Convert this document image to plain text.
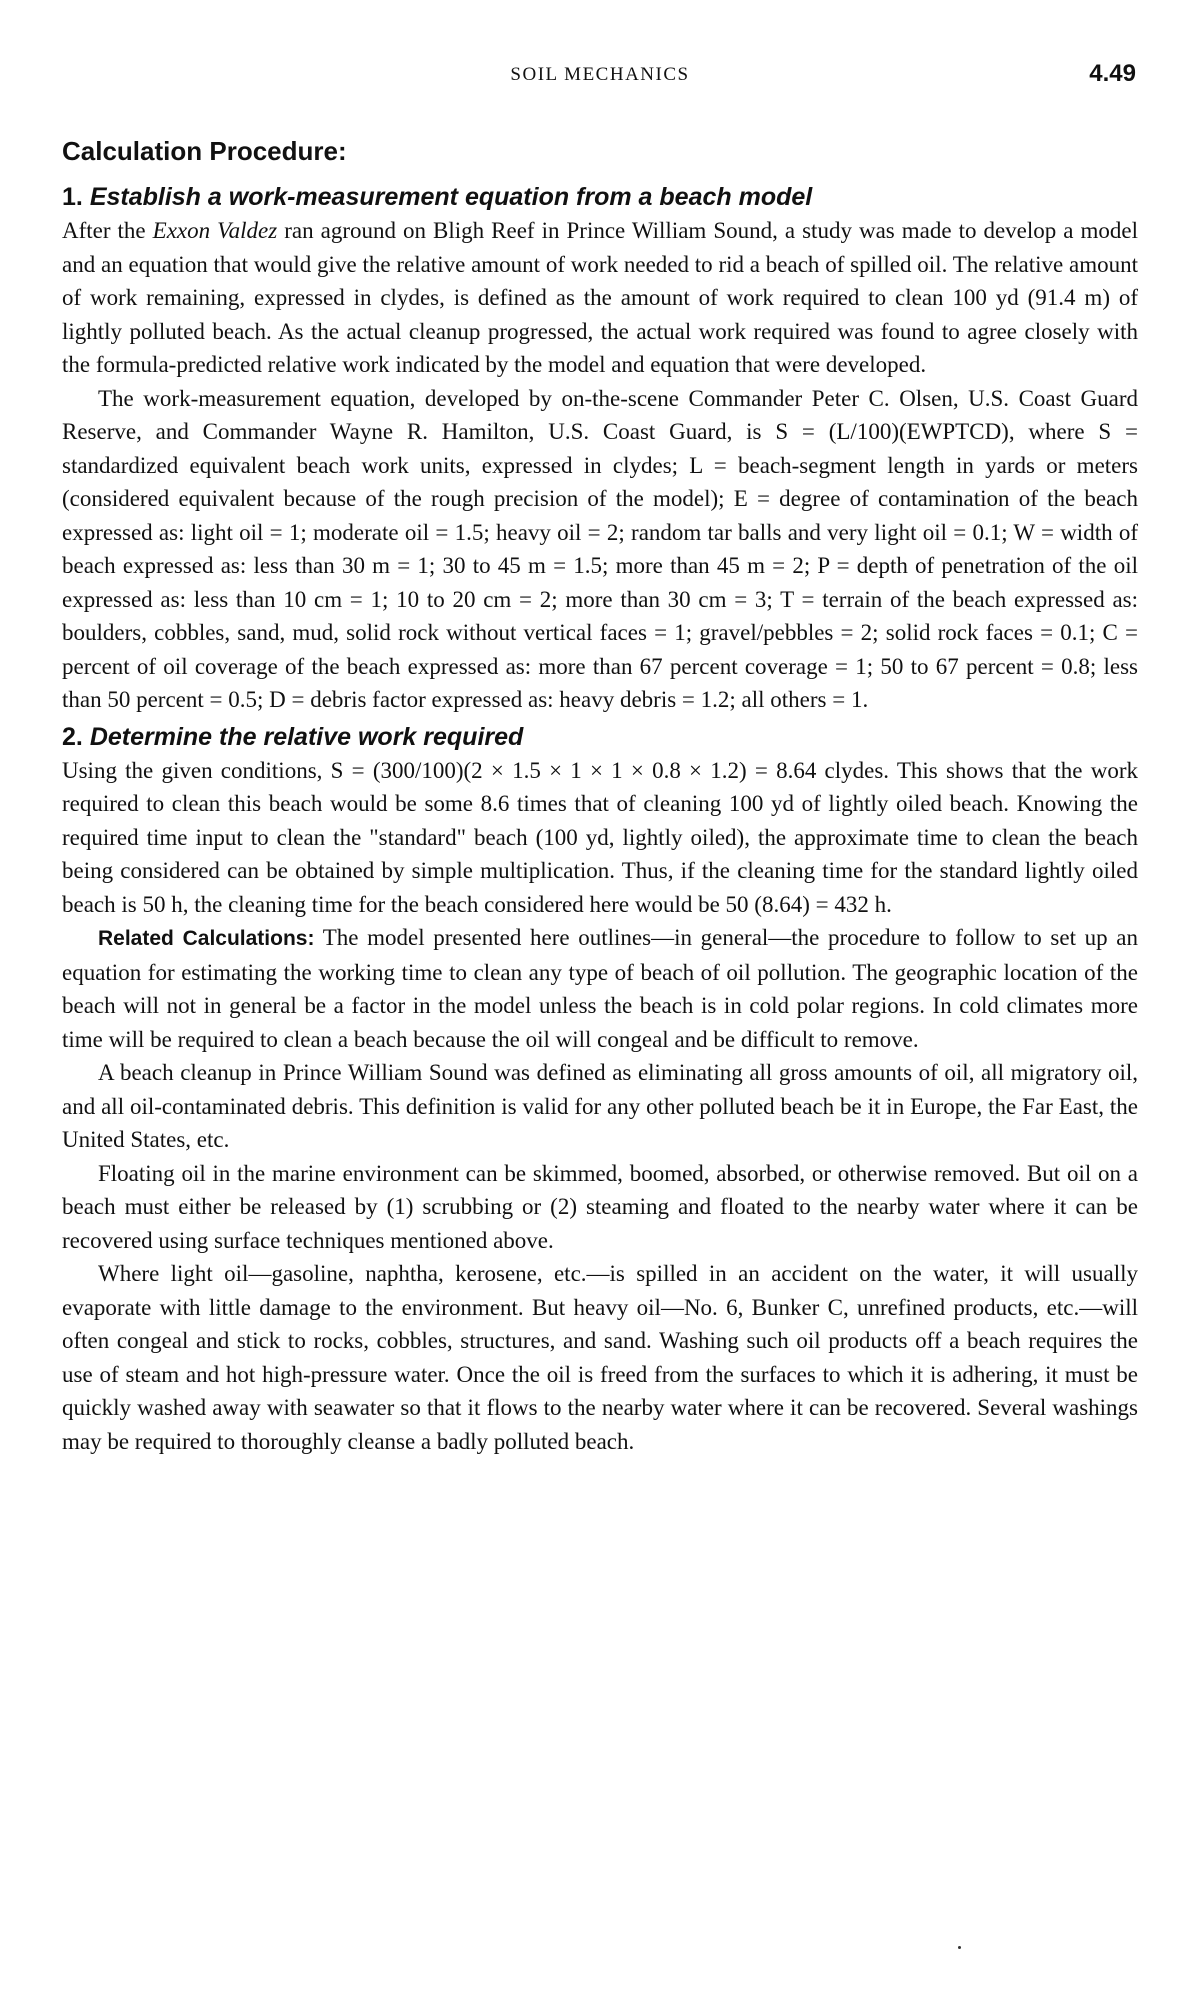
SOIL MECHANICS	4.49
Calculation Procedure:
1. Establish a work-measurement equation from a beach model

After the Exxon Valdez ran aground on Bligh Reef in Prince William Sound, a study was made to develop a model and an equation that would give the relative amount of work needed to rid a beach of spilled oil. The relative amount of work remaining, expressed in clydes, is defined as the amount of work required to clean 100 yd (91.4 m) of lightly polluted beach. As the actual cleanup progressed, the actual work required was found to agree closely with the formula-predicted relative work indicated by the model and equation that were developed.

The work-measurement equation, developed by on-the-scene Commander Peter C. Olsen, U.S. Coast Guard Reserve, and Commander Wayne R. Hamilton, U.S. Coast Guard, is S = (L/100)(EWPTCD), where S = standardized equivalent beach work units, expressed in clydes; L = beach-segment length in yards or meters (considered equivalent because of the rough precision of the model); E = degree of contamination of the beach expressed as: light oil = 1; moderate oil = 1.5; heavy oil = 2; random tar balls and very light oil = 0.1; W = width of beach expressed as: less than 30 m = 1; 30 to 45 m = 1.5; more than 45 m = 2; P = depth of penetration of the oil expressed as: less than 10 cm = 1; 10 to 20 cm = 2; more than 30 cm = 3; T = terrain of the beach expressed as: boulders, cobbles, sand, mud, solid rock without vertical faces = 1; gravel/pebbles = 2; solid rock faces = 0.1; C = percent of oil coverage of the beach expressed as: more than 67 percent coverage = 1; 50 to 67 percent = 0.8; less than 50 percent = 0.5; D = debris factor expressed as: heavy debris = 1.2; all others = 1.

2. Determine the relative work required

Using the given conditions, S = (300/100)(2 × 1.5 × 1 × 1 × 0.8 × 1.2) = 8.64 clydes. This shows that the work required to clean this beach would be some 8.6 times that of cleaning 100 yd of lightly oiled beach. Knowing the required time input to clean the "standard" beach (100 yd, lightly oiled), the approximate time to clean the beach being considered can be obtained by simple multiplication. Thus, if the cleaning time for the standard lightly oiled beach is 50 h, the cleaning time for the beach considered here would be 50 (8.64) = 432 h.

Related Calculations: The model presented here outlines—in general—the procedure to follow to set up an equation for estimating the working time to clean any type of beach of oil pollution. The geographic location of the beach will not in general be a factor in the model unless the beach is in cold polar regions. In cold climates more time will be required to clean a beach because the oil will congeal and be difficult to remove.

A beach cleanup in Prince William Sound was defined as eliminating all gross amounts of oil, all migratory oil, and all oil-contaminated debris. This definition is valid for any other polluted beach be it in Europe, the Far East, the United States, etc.

Floating oil in the marine environment can be skimmed, boomed, absorbed, or otherwise removed. But oil on a beach must either be released by (1) scrubbing or (2) steaming and floated to the nearby water where it can be recovered using surface techniques mentioned above.

Where light oil—gasoline, naphtha, kerosene, etc.—is spilled in an accident on the water, it will usually evaporate with little damage to the environment. But heavy oil—No. 6, Bunker C, unrefined products, etc.—will often congeal and stick to rocks, cobbles, structures, and sand. Washing such oil products off a beach requires the use of steam and hot high-pressure water. Once the oil is freed from the surfaces to which it is adhering, it must be quickly washed away with seawater so that it flows to the nearby water where it can be recovered. Several washings may be required to thoroughly cleanse a badly polluted beach.
